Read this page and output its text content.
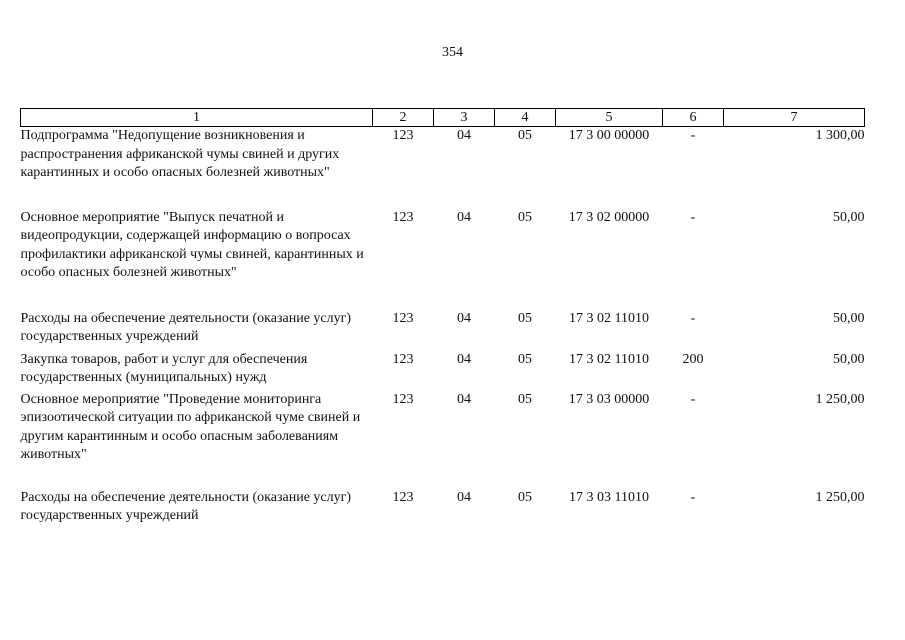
354
1	2	3	4	5	6	7
Подпрограмма "Недопущение возникновения и распространения африканской чумы свиней и других карантинных и особо опасных болезней животных"	123	04	05	17 3 00 00000	-	1 300,00
Основное мероприятие "Выпуск печатной и видеопродукции, содержащей информацию о вопросах профилактики африканской чумы свиней, карантинных и особо опасных болезней животных"	123	04	05	17 3 02 00000	-	50,00
Расходы на обеспечение деятельности (оказание услуг) государственных учреждений	123	04	05	17 3 02 11010	-	50,00
Закупка товаров, работ и услуг для обеспечения государственных (муниципальных) нужд	123	04	05	17 3 02 11010	200	50,00
Основное мероприятие "Проведение мониторинга эпизоотической ситуации по африканской чуме свиней и другим карантинным и особо опасным заболеваниям животных"	123	04	05	17 3 03 00000	-	1 250,00
Расходы на обеспечение деятельности (оказание услуг) государственных учреждений	123	04	05	17 3 03 11010	-	1 250,00
